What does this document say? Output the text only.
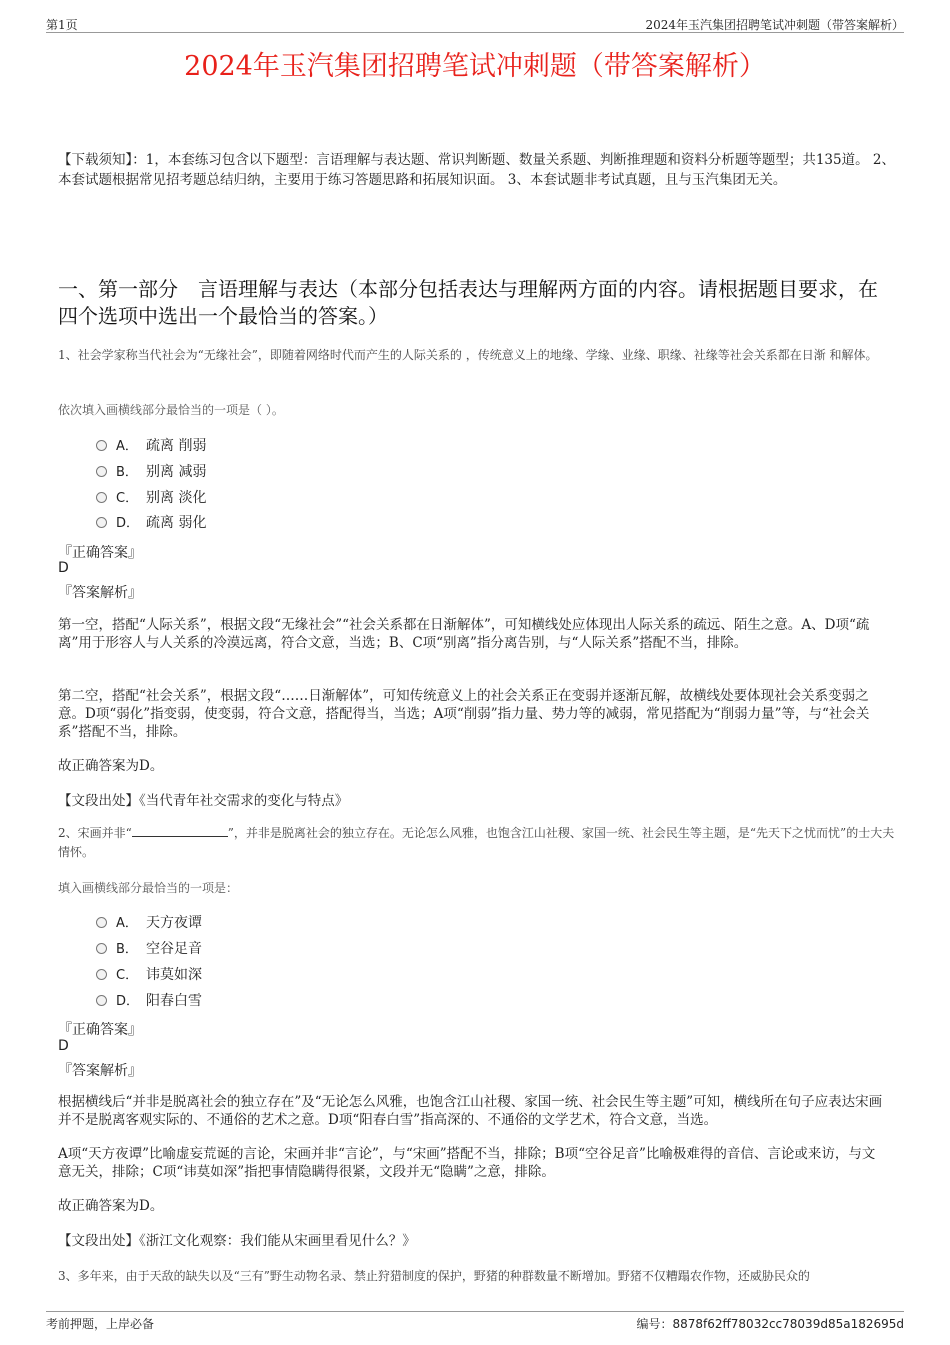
第1页	2024年玉汽集团招聘笔试冲刺题（带答案解析）
2024年玉汽集团招聘笔试冲刺题（带答案解析）
【下载须知】：1，本套练习包含以下题型：言语理解与表达题、常识判断题、数量关系题、判断推理题和资料分析题等题型；共135道。 2、本套试题根据常见招考题总结归纳，主要用于练习答题思路和拓展知识面。 3、本套试题非考试真题，且与玉汽集团无关。
一、第一部分　言语理解与表达（本部分包括表达与理解两方面的内容。请根据题目要求，在四个选项中选出一个最恰当的答案。）
1、社会学家称当代社会为“无缘社会”，即随着网络时代而产生的人际关系的 ，传统意义上的地缘、学缘、业缘、职缘、社缘等社会关系都在日渐 和解体。
依次填入画横线部分最恰当的一项是（ ）。
A． 疏离 削弱
B． 别离 减弱
C． 别离 淡化
D． 疏离 弱化
『正确答案』
D
『答案解析』
第一空，搭配“人际关系”，根据文段“无缘社会”“社会关系都在日渐解体”，可知横线处应体现出人际关系的疏远、陌生之意。A、D项“疏离”用于形容人与人关系的冷漠远离，符合文意，当选；B、C项“别离”指分离告别，与“人际关系”搭配不当，排除。
第二空，搭配“社会关系”，根据文段“……日渐解体”，可知传统意义上的社会关系正在变弱并逐渐瓦解，故横线处要体现社会关系变弱之意。D项“弱化”指变弱，使变弱，符合文意，搭配得当，当选；A项“削弱”指力量、势力等的减弱，常见搭配为“削弱力量”等，与“社会关系”搭配不当，排除。
故正确答案为D。
【文段出处】《当代青年社交需求的变化与特点》
2、宋画并非“	”，并非是脱离社会的独立存在。无论怎么风雅，也饱含江山社稷、家国一统、社会民生等主题，是“先天下之忧而忧”的士大夫情怀。
填入画横线部分最恰当的一项是：
A． 天方夜谭
B． 空谷足音
C． 讳莫如深
D． 阳春白雪
『正确答案』
D
『答案解析』
根据横线后“并非是脱离社会的独立存在”及“无论怎么风雅，也饱含江山社稷、家国一统、社会民生等主题”可知，横线所在句子应表达宋画并不是脱离客观实际的、不通俗的艺术之意。D项“阳春白雪”指高深的、不通俗的文学艺术，符合文意，当选。
A项“天方夜谭”比喻虚妄荒诞的言论，宋画并非“言论”，与“宋画”搭配不当，排除；B项“空谷足音”比喻极难得的音信、言论或来访，与文意无关，排除；C项“讳莫如深”指把事情隐瞒得很紧，文段并无“隐瞒”之意，排除。
故正确答案为D。
【文段出处】《浙江文化观察：我们能从宋画里看见什么？》
3、多年来，由于天敌的缺失以及“三有”野生动物名录、禁止狩猎制度的保护，野猪的种群数量不断增加。野猪不仅糟蹋农作物，还威胁民众的
考前押题，上岸必备	编号：8878f62ff78032cc78039d85a182695d
